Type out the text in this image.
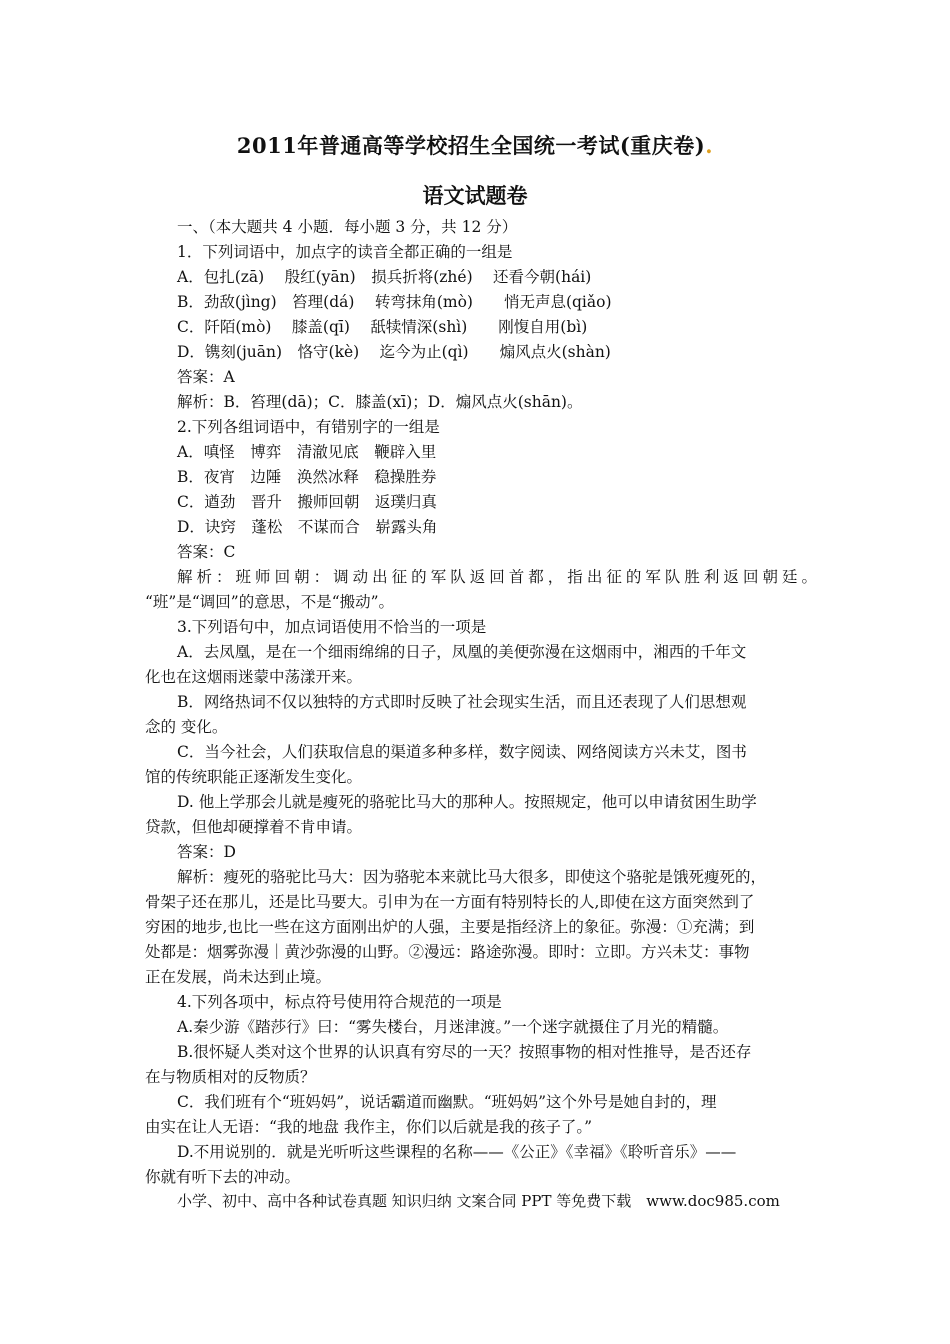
2011年普通高等学校招生全国统一考试(重庆卷).
语文试题卷
一、（本大题共 4 小题．每小题 3 分，共 12 分）
1．下列词语中，加点字的读音全都正确的一组是
A．包扎(zā)　 殷红(yān)　损兵折将(zhé)　 还看今朝(hái)
B．劲敌(jìng)　笞理(dá)　 转弯抹角(mò)　　悄无声息(qiǎo)
C．阡陌(mò)　 膝盖(qī)　 舐犊情深(shì)　　刚愎自用(bì)
D．镌刻(juān)　恪守(kè)　 迄今为止(qì)　　煽风点火(shàn)
答案：A
解析：B．笞理(dā)；C．膝盖(xī)；D．煽风点火(shān)。
2.下列各组词语中，有错别字的一组是
A．嗔怪　博弈　清澈见底　鞭辟入里
B．夜宵　边陲　涣然冰释　稳操胜券
C．遒劲　晋升　搬师回朝　返璞归真
D．诀窍　蓬松　不谋而合　崭露头角
答案：C
解析：班师回朝：调动出征的军队返回首都，指出征的军队胜利返回朝廷。
“班”是“调回”的意思，不是“搬动”。
3.下列语句中，加点词语使用不恰当的一项是
A．去凤凰，是在一个细雨绵绵的日子，凤凰的美便弥漫在这烟雨中，湘西的千年文
化也在这烟雨迷蒙中荡漾开来。
B．网络热词不仅以独特的方式即时反映了社会现实生活，而且还表现了人们思想观
念的 变化。
C．当今社会，人们获取信息的渠道多种多样，数字阅读、网络阅读方兴未艾，图书
馆的传统职能正逐渐发生变化。
D. 他上学那会儿就是瘦死的骆驼比马大的那种人。按照规定，他可以申请贫困生助学
贷款，但他却硬撑着不肯申请。
答案：D
解析：瘦死的骆驼比马大：因为骆驼本来就比马大很多，即使这个骆驼是饿死瘦死的，
骨架子还在那儿，还是比马要大。引申为在一方面有特别特长的人,即使在这方面突然到了
穷困的地步,也比一些在这方面刚出炉的人强，主要是指经济上的象征。弥漫：①充满；到
处都是：烟雾弥漫｜黄沙弥漫的山野。②漫远：路途弥漫。即时：立即。方兴未艾：事物
正在发展，尚未达到止境。
4.下列各项中，标点符号使用符合规范的一项是
A.秦少游《踏莎行》曰：“雾失楼台，月迷津渡。”一个迷字就摄住了月光的精髓。
B.很怀疑人类对这个世界的认识真有穷尽的一天？按照事物的相对性推导，是否还存
在与物质相对的反物质？
C．我们班有个“班妈妈”，说话霸道而幽默。“班妈妈”这个外号是她自封的，理
由实在让人无语：“我的地盘 我作主，你们以后就是我的孩子了。”
D.不用说别的．就是光听听这些课程的名称——《公正》《幸福》《聆听音乐》——
你就有听下去的冲动。
小学、初中、高中各种试卷真题 知识归纳 文案合同 PPT 等免费下载　www.doc985.com
